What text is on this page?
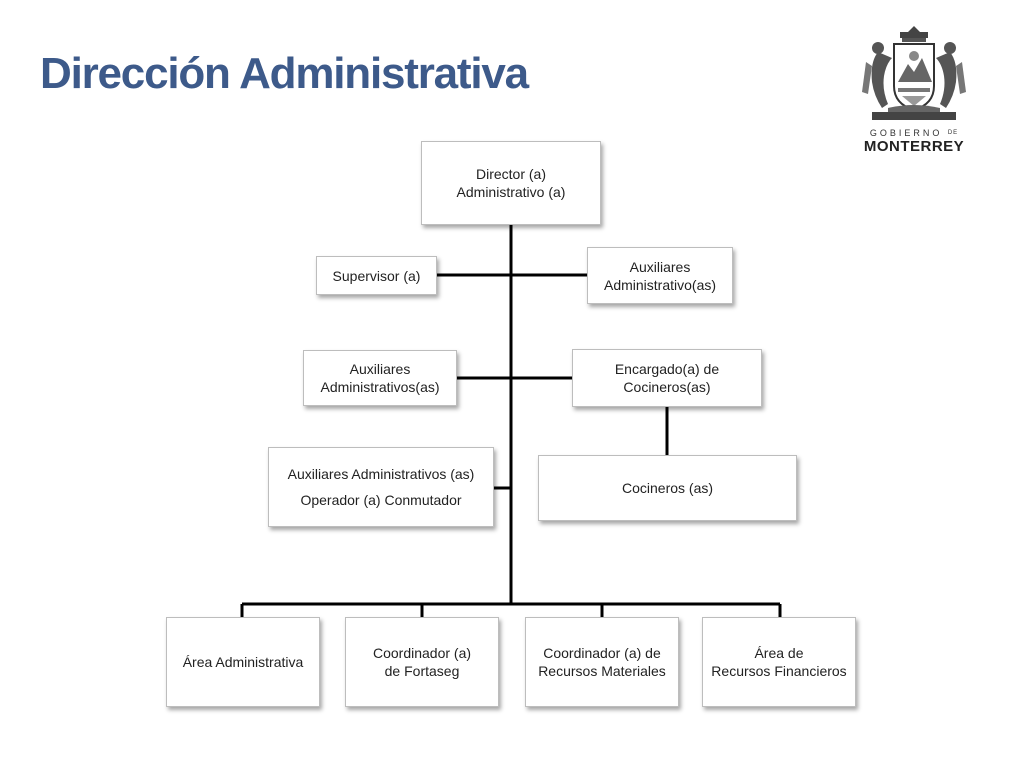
Dirección Administrativa
GOBIERNO $^{DE}$
MONTERREY
Director (a)
Administrativo (a)
Supervisor (a)
Auxiliares
Administrativo(as)
Auxiliares
Administrativos(as)
Encargado(a) de
Cocineros(as)
Auxiliares Administrativos (as)
Operador (a) Conmutador
Cocineros (as)
Área Administrativa
Coordinador (a)
de Fortaseg
Coordinador (a) de
Recursos Materiales
Área de
Recursos Financieros
